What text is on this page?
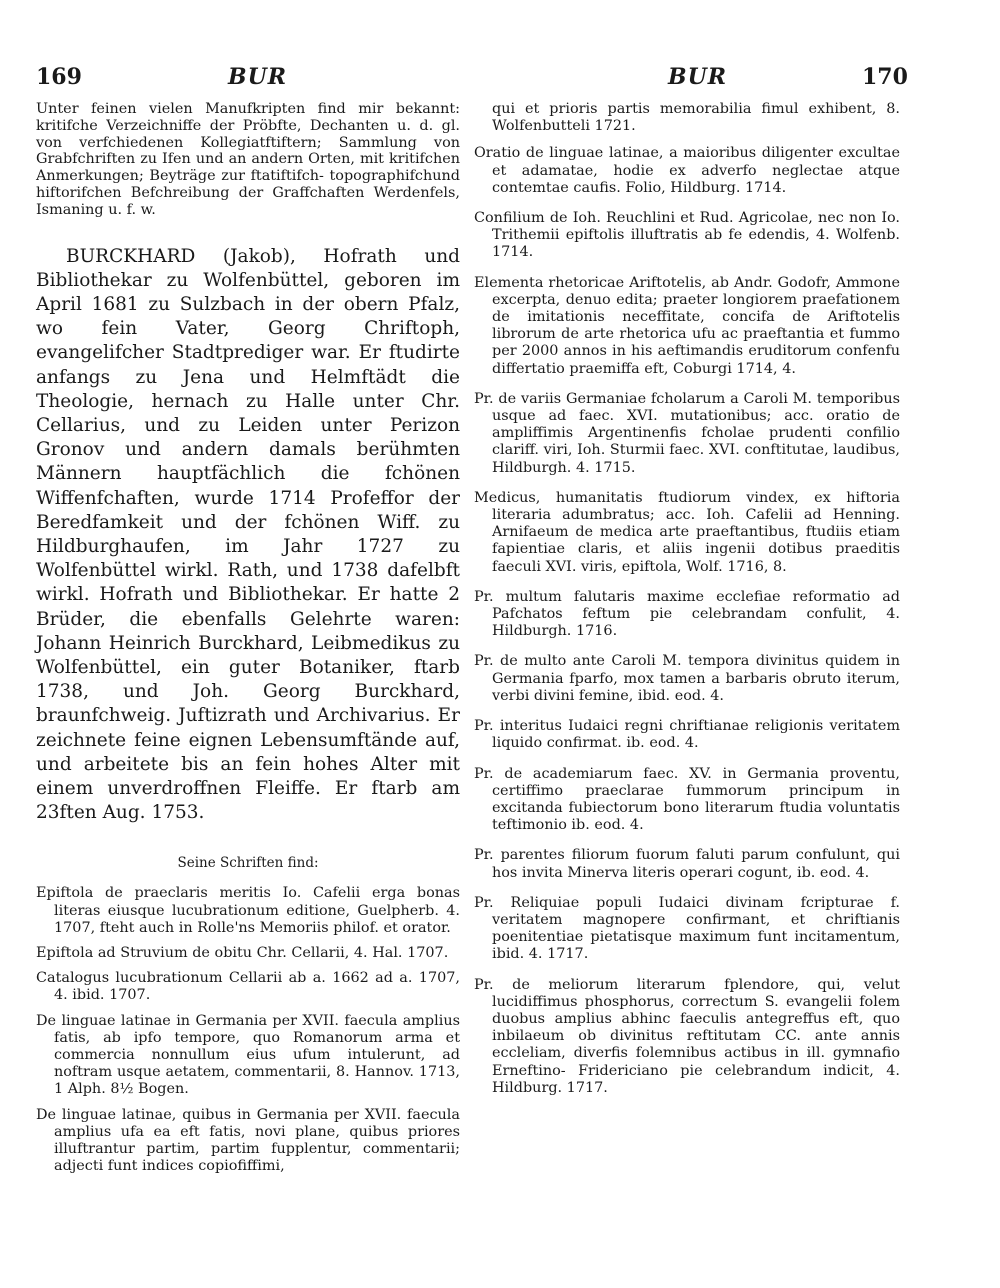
169	BUR	BUR	170

Unter feinen vielen Manufkripten find mir bekannt: kritifche Verzeichniffe der Pröbfte, Dechanten u. d. gl. von verfchiedenen Kollegiatftiftern; Sammlung von Grabfchriften zu Ifen und an andern Orten, mit kritifchen Anmerkungen; Beyträge zur ftatiftifch- topographifchund hiftorifchen Befchreibung der Graffchaften Werdenfels, Ismaning u. f. w.

BURCKHARD (Jakob), Hofrath und Bibliothekar zu Wolfenbüttel, geboren im April 1681 zu Sulzbach in der obern Pfalz, wo fein Vater, Georg Chriftoph, evangelifcher Stadtprediger war. Er ftudirte anfangs zu Jena und Helmftädt die Theologie, hernach zu Halle unter Chr. Cellarius, und zu Leiden unter Perizon Gronov und andern damals berühmten Männern hauptfächlich die fchönen Wiffenfchaften, wurde 1714 Profeffor der Beredfamkeit und der fchönen Wiff. zu Hildburghaufen, im Jahr 1727 zu Wolfenbüttel wirkl. Rath, und 1738 dafelbft wirkl. Hofrath und Bibliothekar. Er hatte 2 Brüder, die ebenfalls Gelehrte waren: Johann Heinrich Burckhard, Leibmedikus zu Wolfenbüttel, ein guter Botaniker, ftarb 1738, und Joh. Georg Burckhard, braunfchweig. Juftizrath und Archivarius. Er zeichnete feine eignen Lebensumftände auf, und arbeitete bis an fein hohes Alter mit einem unverdroffnen Fleiffe. Er ftarb am 23ften Aug. 1753.

Seine Schriften find:

Epiftola de praeclaris meritis Io. Cafelii erga bonas literas eiusque lucubrationum editione, Guelpherb. 4. 1707, fteht auch in Rolle'ns Memoriis philof. et orator.

Epiftola ad Struvium de obitu Chr. Cellarii, 4. Hal. 1707.

Catalogus lucubrationum Cellarii ab a. 1662 ad a. 1707, 4. ibid. 1707.

De linguae latinae in Germania per XVII. faecula amplius fatis, ab ipfo tempore, quo Romanorum arma et commercia nonnullum eius ufum intulerunt, ad noftram usque aetatem, commentarii, 8. Hannov. 1713, 1 Alph. 8½ Bogen.

De linguae latinae, quibus in Germania per XVII. faecula amplius ufa ea eft fatis, novi plane, quibus priores illuftrantur partim, partim fupplentur, commentarii; adjecti funt indices copiofiffimi,

qui et prioris partis memorabilia fimul exhibent, 8. Wolfenbutteli 1721.

Oratio de linguae latinae, a maioribus diligenter excultae et adamatae, hodie ex adverfo neglectae atque contemtae caufis. Folio, Hildburg. 1714.

Confilium de Ioh. Reuchlini et Rud. Agricolae, nec non Io. Trithemii epiftolis illuftratis ab fe edendis, 4. Wolfenb. 1714.

Elementa rhetoricae Ariftotelis, ab Andr. Godofr, Ammone excerpta, denuo edita; praeter longiorem praefationem de imitationis neceffitate, concifa de Ariftotelis librorum de arte rhetorica ufu ac praeftantia et fummo per 2000 annos in his aeftimandis eruditorum confenfu differtatio praemiffa eft, Coburgi 1714, 4.

Pr. de variis Germaniae fcholarum a Caroli M. temporibus usque ad faec. XVI. mutationibus; acc. oratio de ampliffimis Argentinenfis fcholae prudenti confilio clariff. viri, Ioh. Sturmii faec. XVI. conftitutae, laudibus, Hildburgh. 4. 1715.

Medicus, humanitatis ftudiorum vindex, ex hiftoria literaria adumbratus; acc. Ioh. Cafelii ad Henning. Arnifaeum de medica arte praeftantibus, ftudiis etiam fapientiae claris, et aliis ingenii dotibus praeditis faeculi XVI. viris, epiftola, Wolf. 1716, 8.

Pr. multum falutaris maxime ecclefiae reformatio ad Pafchatos feftum pie celebrandam confulit, 4. Hildburgh. 1716.

Pr. de multo ante Caroli M. tempora divinitus quidem in Germania fparfo, mox tamen a barbaris obruto iterum, verbi divini femine, ibid. eod. 4.

Pr. interitus Iudaici regni chriftianae religionis veritatem liquido confirmat. ib. eod. 4.

Pr. de academiarum faec. XV. in Germania proventu, certiffimo praeclarae fummorum principum in excitanda fubiectorum bono literarum ftudia voluntatis teftimonio ib. eod. 4.

Pr. parentes filiorum fuorum faluti parum confulunt, qui hos invita Minerva literis operari cogunt, ib. eod. 4.

Pr. Reliquiae populi Iudaici divinam fcripturae f. veritatem magnopere confirmant, et chriftianis poenitentiae pietatisque maximum funt incitamentum, ibid. 4. 1717.

Pr. de meliorum literarum fplendore, qui, velut lucidiffimus phosphorus, correctum S. evangelii folem duobus amplius abhinc faeculis antegreffus eft, quo inbilaeum ob divinitus reftitutam CC. ante annis eccleliam, diverfis folemnibus actibus in ill. gymnafio Erneftino- Fridericiano pie celebrandum indicit, 4. Hildburg. 1717.
